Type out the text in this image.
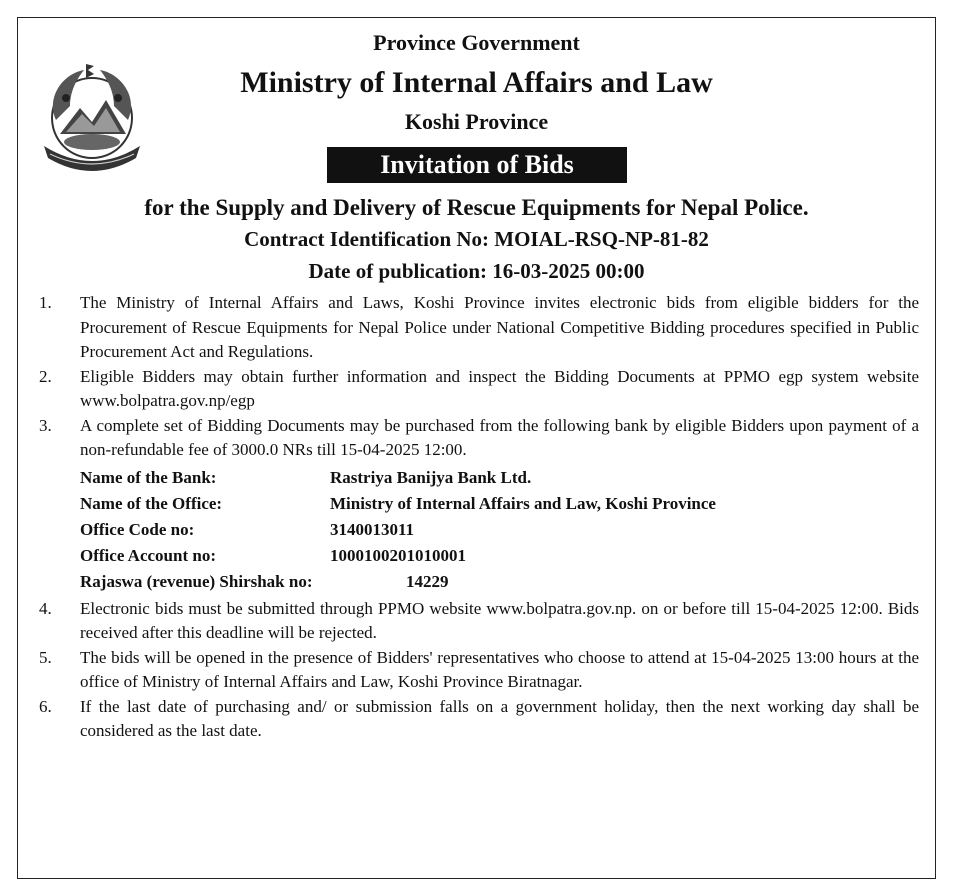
Province Government
Ministry of Internal Affairs and Law
Koshi Province
Invitation of Bids
for the Supply and Delivery of Rescue Equipments for Nepal Police.
Contract Identification No: MOIAL-RSQ-NP-81-82
Date of publication: 16-03-2025 00:00
1. The Ministry of Internal Affairs and Laws, Koshi Province invites electronic bids from eligible bidders for the Procurement of Rescue Equipments for Nepal Police under National Competitive Bidding procedures specified in Public Procurement Act and Regulations.

2. Eligible Bidders may obtain further information and inspect the Bidding Documents at PPMO egp system website www.bolpatra.gov.np/egp

3. A complete set of Bidding Documents may be purchased from the following bank by eligible Bidders upon payment of a non-refundable fee of 3000.0 NRs till 15-04-2025 12:00.

Name of the Bank:	Rastriya Banijya Bank Ltd.
Name of the Office:	Ministry of Internal Affairs and Law, Koshi Province
Office Code no:	3140013011
Office Account no:	1000100201010001
Rajaswa (revenue) Shirshak no:	14229
4. Electronic bids must be submitted through PPMO website www.bolpatra.gov.np. on or before till 15-04-2025 12:00. Bids received after this deadline will be rejected.

5. The bids will be opened in the presence of Bidders' representatives who choose to attend at 15-04-2025 13:00 hours at the office of Ministry of Internal Affairs and Law, Koshi Province Biratnagar.

6. If the last date of purchasing and/ or submission falls on a government holiday, then the next working day shall be considered as the last date.
